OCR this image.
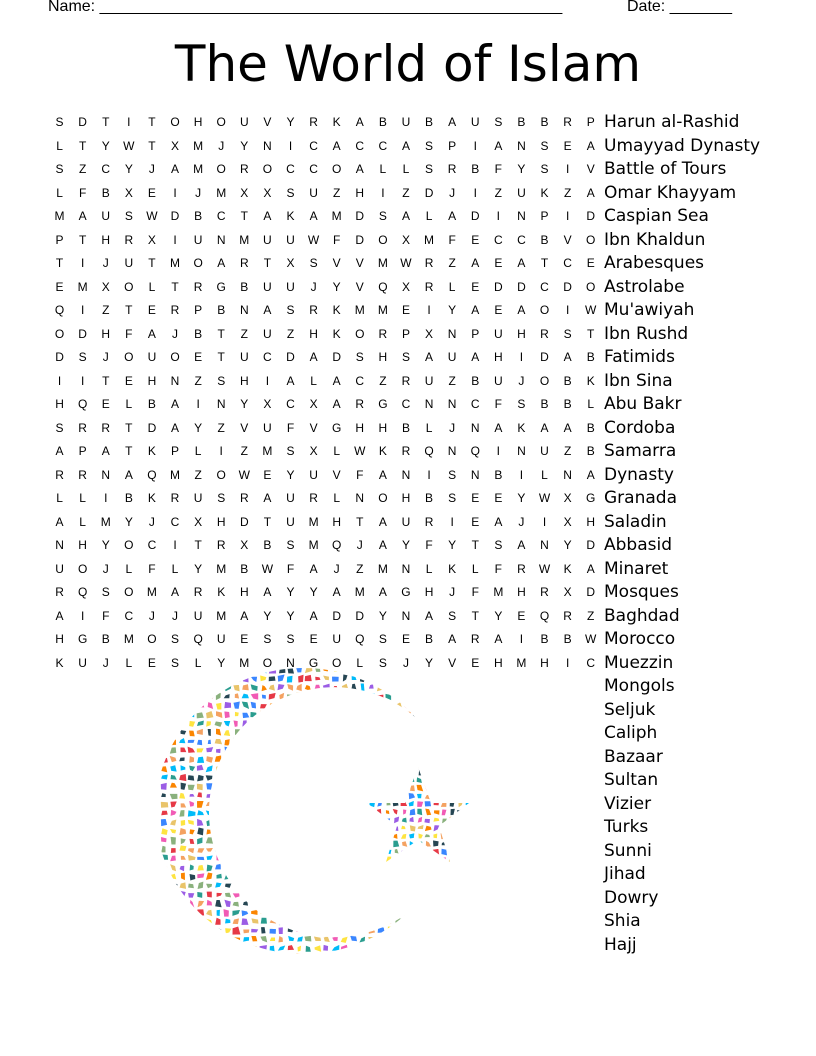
Name: ____________________________________________________	Date: _______
The World of Islam
S	D	T	I	T	O	H	O	U	V	Y	R	K	A	B	U	B	A	U	S	B	B	R	P
L	T	Y	W	T	X	M	J	Y	N	I	C	A	C	C	A	S	P	I	A	N	S	E	A
S	Z	C	Y	J	A	M	O	R	O	C	C	O	A	L	L	S	R	B	F	Y	S	I	V
L	F	B	X	E	I	J	M	X	X	S	U	Z	H	I	Z	D	J	I	Z	U	K	Z	A
M	A	U	S	W	D	B	C	T	A	K	A	M	D	S	A	L	A	D	I	N	P	I	D
P	T	H	R	X	I	U	N	M	U	U	W	F	D	O	X	M	F	E	C	C	B	V	O
T	I	J	U	T	M	O	A	R	T	X	S	V	V	M	W	R	Z	A	E	A	T	C	E
E	M	X	O	L	T	R	G	B	U	U	J	Y	V	Q	X	R	L	E	D	D	C	D	O
Q	I	Z	T	E	R	P	B	N	A	S	R	K	M	M	E	I	Y	A	E	A	O	I	W
O	D	H	F	A	J	B	T	Z	U	Z	H	K	O	R	P	X	N	P	U	H	R	S	T
D	S	J	O	U	O	E	T	U	C	D	A	D	S	H	S	A	U	A	H	I	D	A	B
I	I	T	E	H	N	Z	S	H	I	A	L	A	C	Z	R	U	Z	B	U	J	O	B	K
H	Q	E	L	B	A	I	N	Y	X	C	X	A	R	G	C	N	N	C	F	S	B	B	L
S	R	R	T	D	A	Y	Z	V	U	F	V	G	H	H	B	L	J	N	A	K	A	A	B
A	P	A	T	K	P	L	I	Z	M	S	X	L	W	K	R	Q	N	Q	I	N	U	Z	B
R	R	N	A	Q	M	Z	O	W	E	Y	U	V	F	A	N	I	S	N	B	I	L	N	A
L	L	I	B	K	R	U	S	R	A	U	R	L	N	O	H	B	S	E	E	Y	W	X	G
A	L	M	Y	J	C	X	H	D	T	U	M	H	T	A	U	R	I	E	A	J	I	X	H
N	H	Y	O	C	I	T	R	X	B	S	M	Q	J	A	Y	F	Y	T	S	A	N	Y	D
U	O	J	L	F	L	Y	M	B	W	F	A	J	Z	M	N	L	K	L	F	R	W	K	A
R	Q	S	O	M	A	R	K	H	A	Y	Y	A	M	A	G	H	J	F	M	H	R	X	D
A	I	F	C	J	J	U	M	A	Y	Y	A	D	D	Y	N	A	S	T	Y	E	Q	R	Z
H	G	B	M	O	S	Q	U	E	S	S	E	U	Q	S	E	B	A	R	A	I	B	B	W
K	U	J	L	E	S	L	Y	M	O	N	G	O	L	S	J	Y	V	E	H	M	H	I	C
Harun al-Rashid
Umayyad Dynasty
Battle of Tours
Omar Khayyam
Caspian Sea
Ibn Khaldun
Arabesques
Astrolabe
Mu'awiyah
Ibn Rushd
Fatimids
Ibn Sina
Abu Bakr
Cordoba
Samarra
Dynasty
Granada
Saladin
Abbasid
Minaret
Mosques
Baghdad
Morocco
Muezzin
Mongols
Seljuk
Caliph
Bazaar
Sultan
Vizier
Turks
Sunni
Jihad
Dowry
Shia
Hajj
